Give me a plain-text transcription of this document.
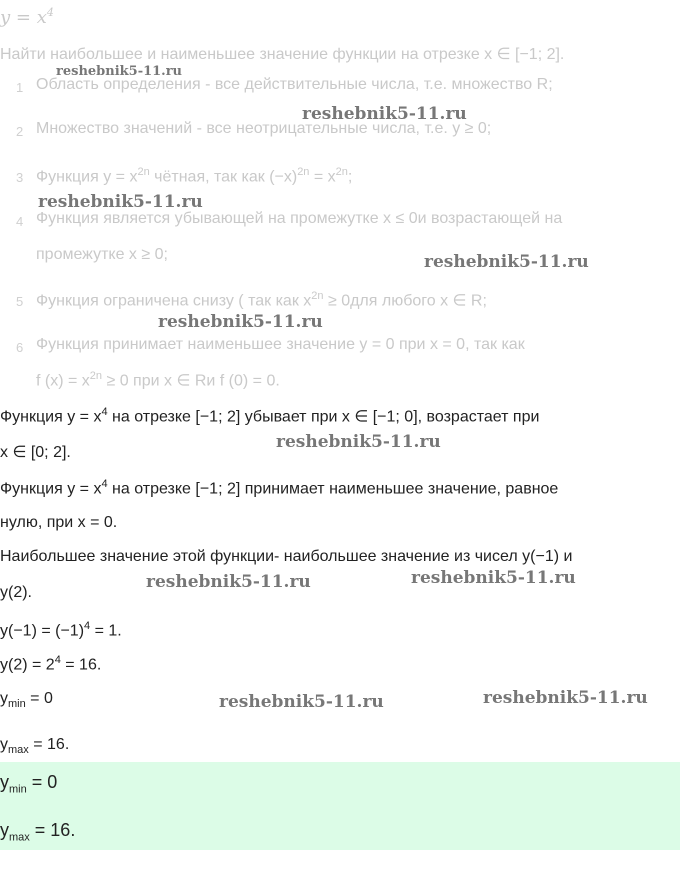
$y = x^4$
Найти наибольшее и наименьшее значение функции на отрезке x ∈ [−1; 2].
1 Область определения - все действительные числа, т.е. множество R;
2 Множество значений - все неотрицательные числа, т.е. y ≥ 0;
3 Функция $y = x^{2n}$ чётная, так как $(-x)^{2n} = x^{2n}$;
4 Функция является убывающей на промежутке x ≤ 0и возрастающей на
промежутке x ≥ 0;
5 Функция ограничена снизу ( так как $x^{2n} \ge 0для$ любого x ∈ R;
6 Функция принимает наименьшее значение y = 0 при x = 0, так как
f $(x) = x^{2n} \ge 0$ при x ∈ Rи f (0) = 0.
Функция $y = x^4$ на отрезке [−1; 2] убывает при x ∈ [−1; 0], возрастает при
x ∈ [0; 2].
Функция $y = x^4$ на отрезке [−1; 2] принимает наименьшее значение, равное
нулю, при x = 0.
Наибольшее значение этой функции- наибольшее значение из чисел y(−1) и
y(2).
$y(-1) = (-1)^4 = 1$.
$y(2) = 2^4 = 16$.
$y_{min} = 0$
$y_{max} = 16$.
$y_{min} = 0$
$y_{max} = 16$.
reshebnik5-11.ru
reshebnik5-11.ru
reshebnik5-11.ru
reshebnik5-11.ru
reshebnik5-11.ru
reshebnik5-11.ru
reshebnik5-11.ru	reshebnik5-11.ru
reshebnik5-11.ru	reshebnik5-11.ru
